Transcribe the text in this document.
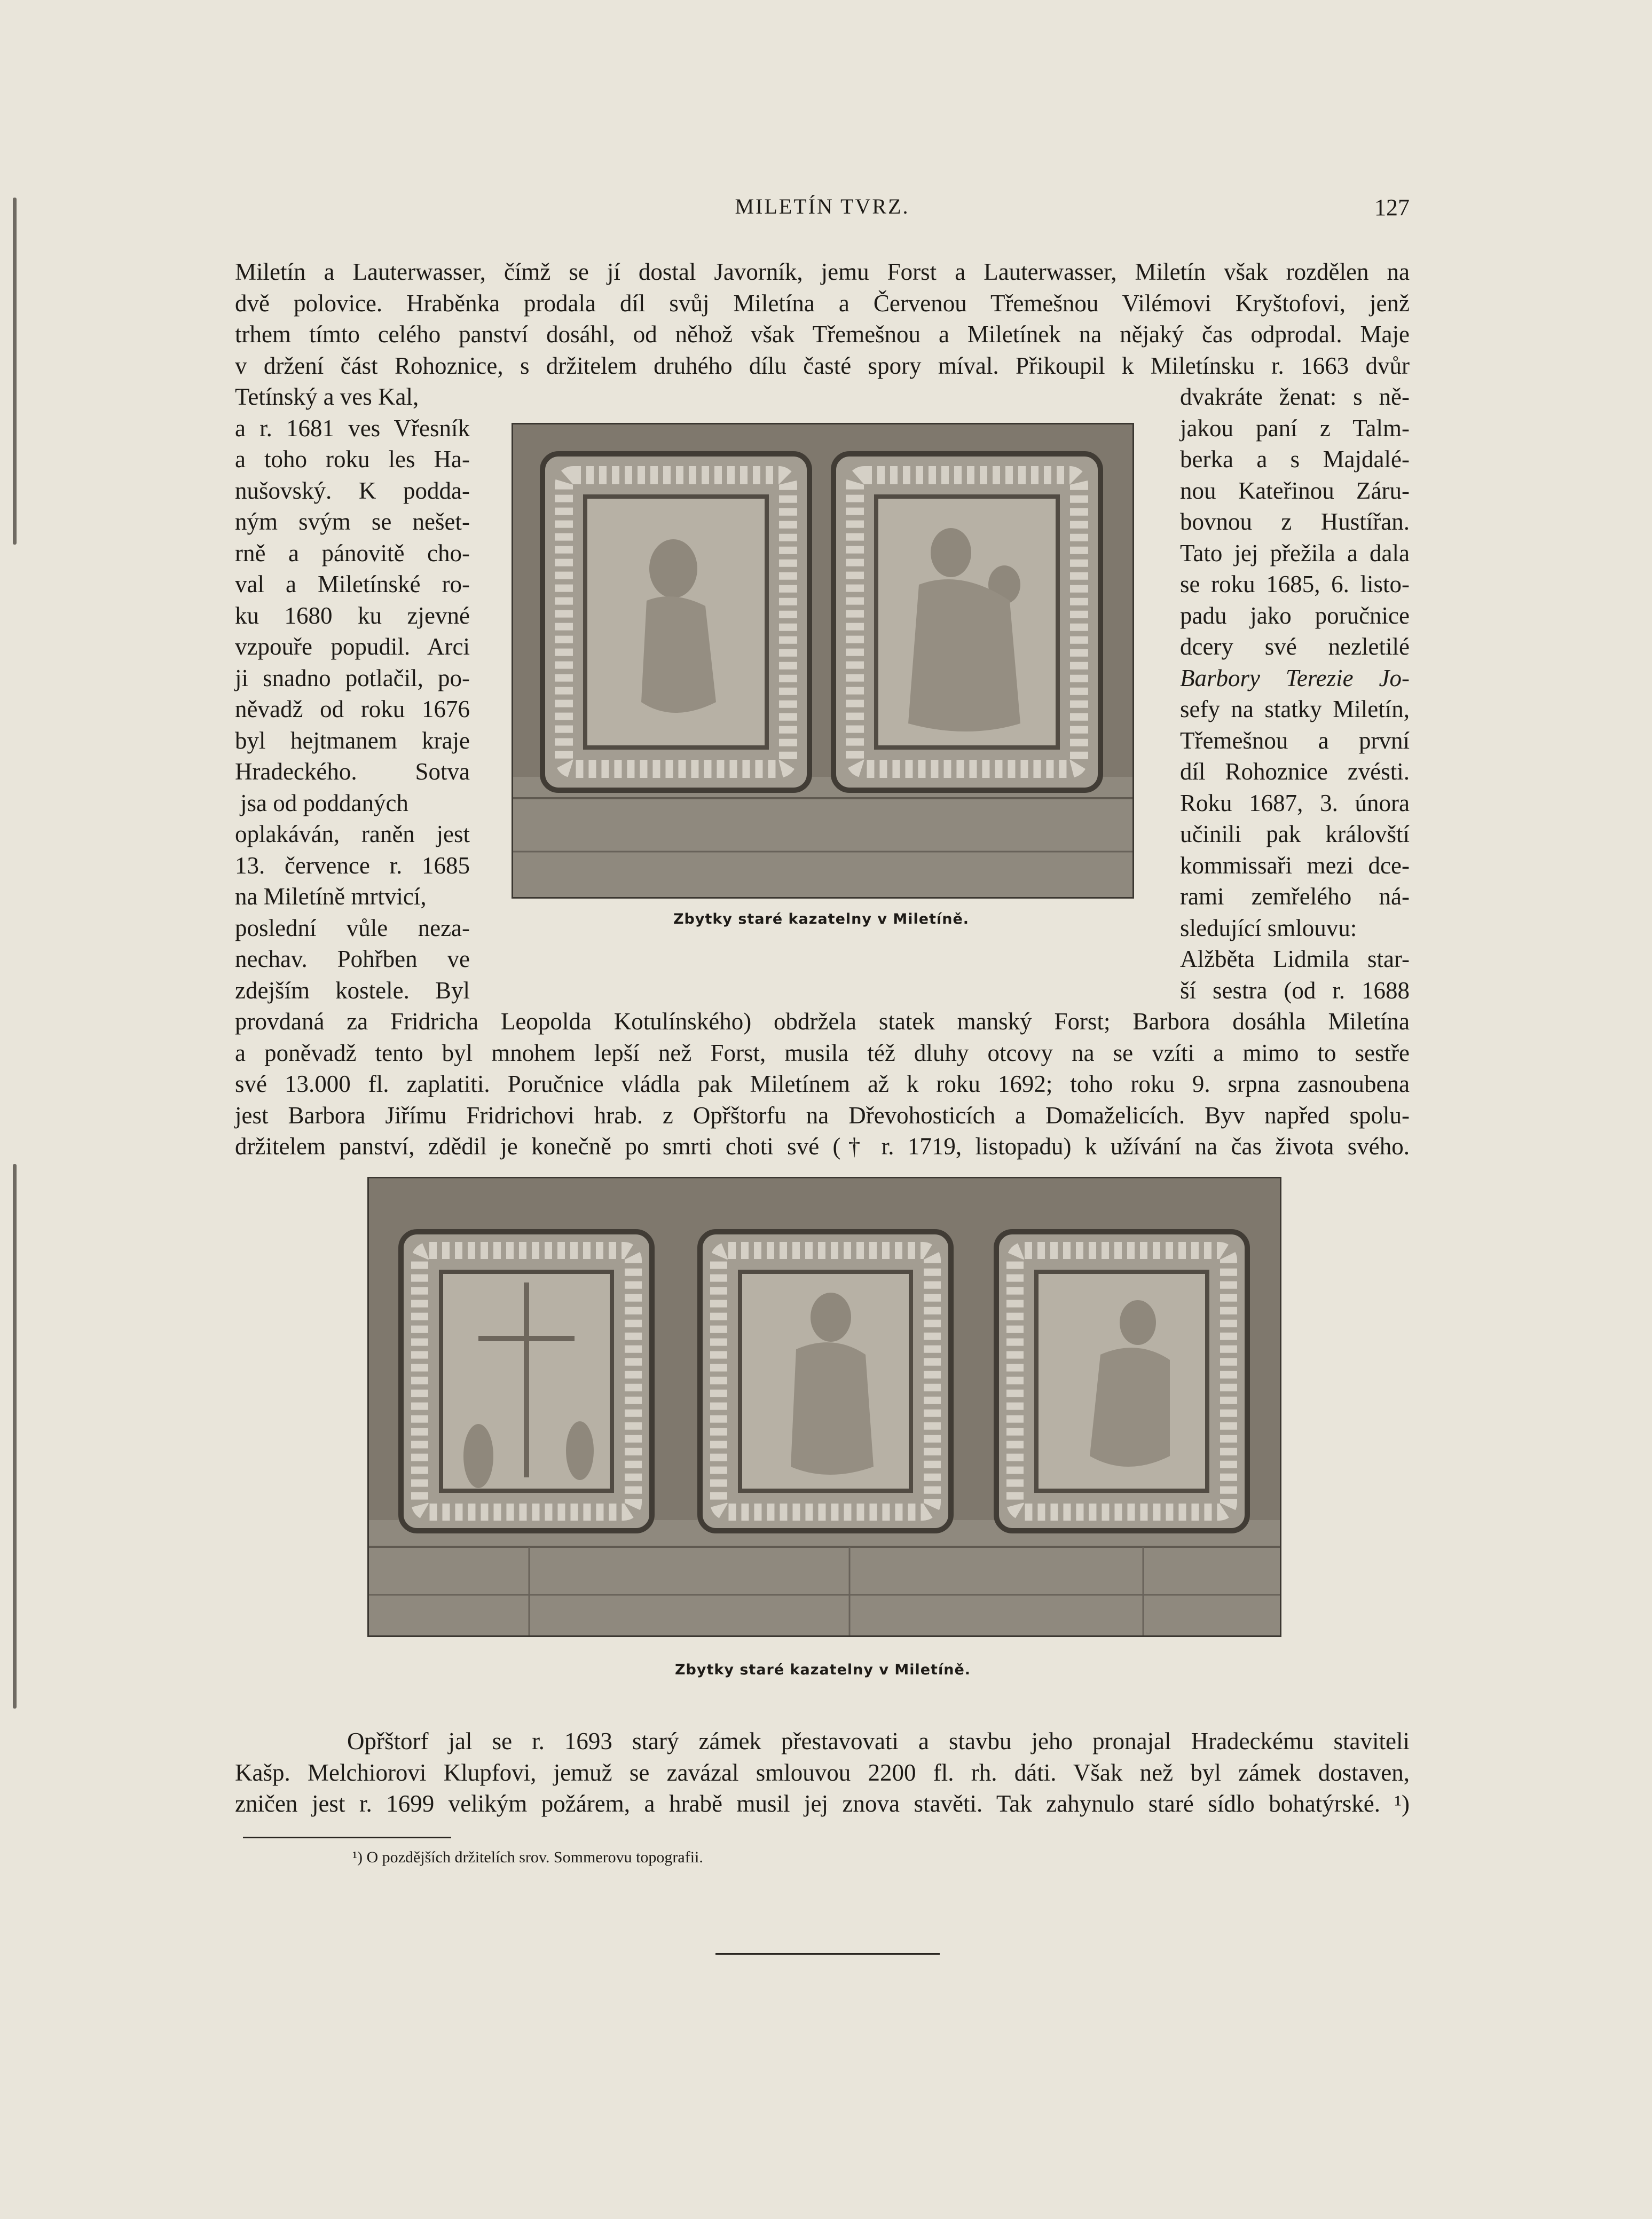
MILETÍN TVRZ.	127
Miletín a Lauterwasser, čímž se jí dostal Javorník, jemu Forst a Lauterwasser, Miletín však rozdělen na
dvě polovice. Hraběnka prodala díl svůj Miletína a Červenou Třemešnou Vilémovi Kryštofovi, jenž
trhem tímto celého panství dosáhl, od něhož však Třemešnou a Miletínek na nějaký čas odprodal. Maje
v držení část Rohoznice, s držitelem druhého dílu časté spory míval. Přikoupil k Miletínsku r. 1663 dvůr
Tetínský a ves Kal,
a r. 1681 ves Vřesník
a toho roku les Ha-
nušovský. K podda-
ným svým se nešet-
rně a pánovitě cho-
val a Miletínské ro-
ku 1680 ku zjevné
vzpouře popudil. Arci
ji snadno potlačil, po-
něvadž od roku 1676
byl hejtmanem kraje
Hradeckého. Sotva
jsa od poddaných
oplakáván, raněn jest
13. července r. 1685
na Miletíně mrtvicí,
poslední vůle neza-
nechav. Pohřben ve
zdejším kostele. Byl
Zbytky staré kazatelny v Miletíně.
dvakráte ženat: s ně-
jakou paní z Talm-
berka a s Majdalé-
nou Kateřinou Záru-
bovnou z Hustířan.
Tato jej přežila a dala
se roku 1685, 6. listo-
padu jako poručnice
dcery své nezletilé
Barbory Terezie Jo-
sefy na statky Miletín,
Třemešnou a první
díl Rohoznice zvésti.
Roku 1687, 3. února
učinili pak královští
kommissaři mezi dce-
rami zemřelého ná-
sledující smlouvu:
Alžběta Lidmila star-
ší sestra (od r. 1688
provdaná za Fridricha Leopolda Kotulínského) obdržela statek manský Forst; Barbora dosáhla Miletína
a poněvadž tento byl mnohem lepší než Forst, musila též dluhy otcovy na se vzíti a mimo to sestře
své 13.000 fl. zaplatiti. Poručnice vládla pak Miletínem až k roku 1692; toho roku 9. srpna zasnoubena
jest Barbora Jiřímu Fridrichovi hrab. z Opřštorfu na Dřevohosticích a Domaželicích. Byv napřed spolu-
držitelem panství, zdědil je konečně po smrti choti své († r. 1719, listopadu) k užívání na čas života svého.
Zbytky staré kazatelny v Miletíně.
Opřštorf jal se r. 1693 starý zámek přestavovati a stavbu jeho pronajal Hradeckému staviteli
Kašp. Melchiorovi Klupfovi, jemuž se zavázal smlouvou 2200 fl. rh. dáti. Však než byl zámek dostaven,
zničen jest r. 1699 velikým požárem, a hrabě musil jej znova stavěti. Tak zahynulo staré sídlo bohatýrské. ¹)
¹) O pozdějších držitelích srov. Sommerovu topografii.
